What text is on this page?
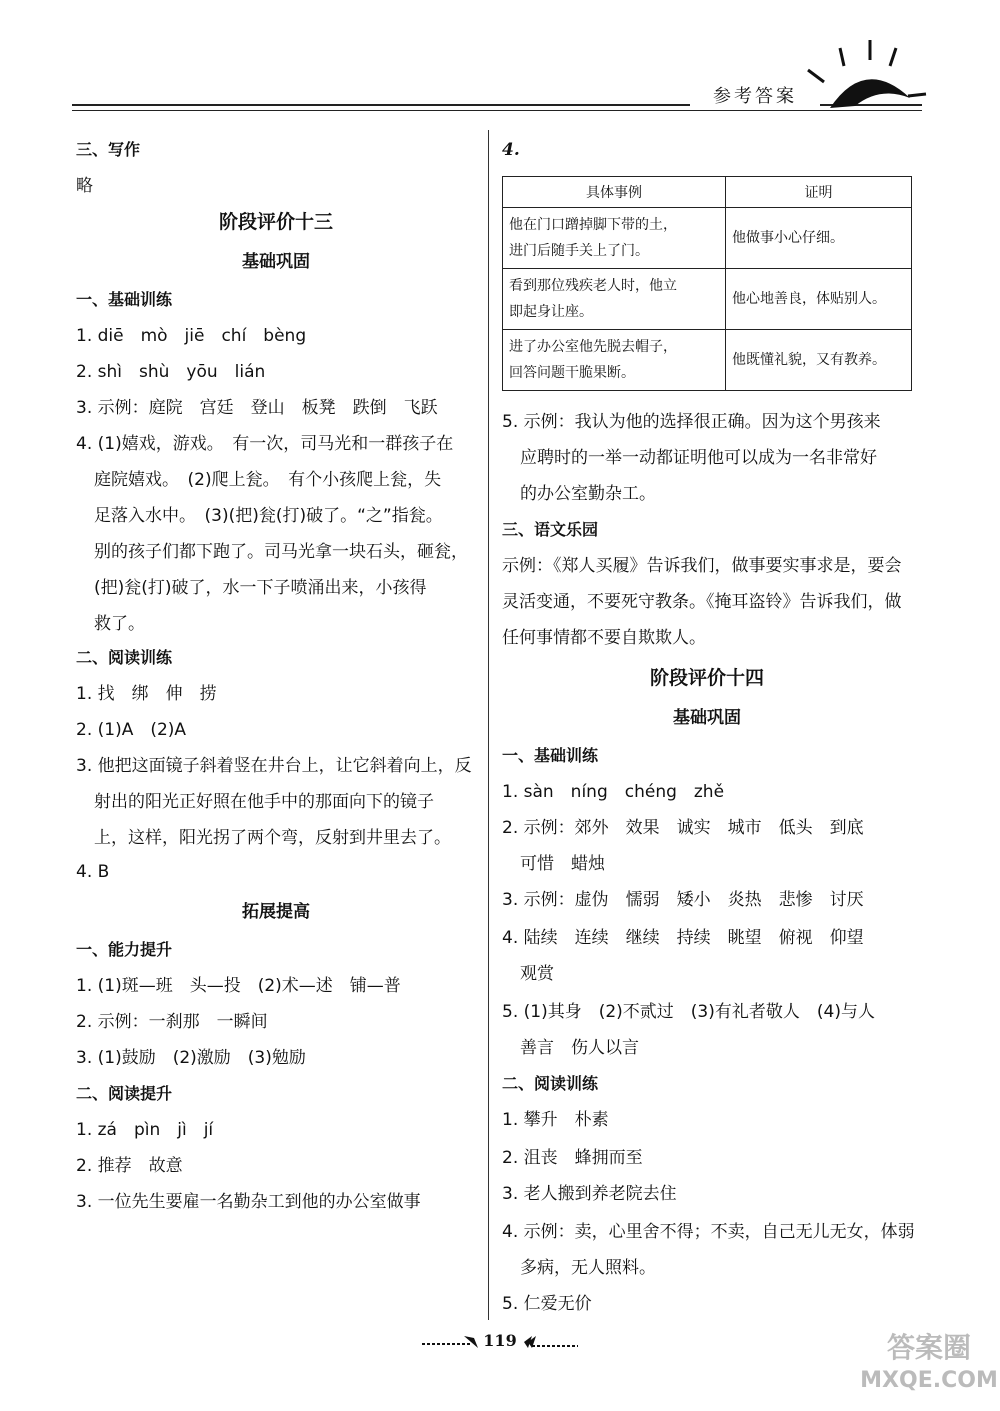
参考答案
三、写作
略
阶段评价十三
基础巩固
一、基础训练
1. diē　mò　jiē　chí　bèng
2. shì　shù　yōu　lián
3. 示例：庭院　宫廷　登山　板凳　跌倒　飞跃
4. (1)嬉戏，游戏。　有一次，司马光和一群孩子在
庭院嬉戏。　(2)爬上瓮。　有个小孩爬上瓮，失
足落入水中。　(3)(把)瓮(打)破了。“之”指瓮。
别的孩子们都下跑了。司马光拿一块石头，砸瓮，
(把)瓮(打)破了，水一下子喷涌出来，小孩得
救了。
二、阅读训练
1. 找　绑　伸　捞
2. (1)A　(2)A
3. 他把这面镜子斜着竖在井台上，让它斜着向上，反
射出的阳光正好照在他手中的那面向下的镜子
上，这样，阳光拐了两个弯，反射到井里去了。
4. B
拓展提高
一、能力提升
1. (1)斑—班　头—投　(2)术—述　铺—普
2. 示例：一刹那　一瞬间
3. (1)鼓励　(2)激励　(3)勉励
二、阅读提升
1. zá　pìn　jì　jí
2. 推荐　故意
3. 一位先生要雇一名勤杂工到他的办公室做事
4.
具体事例	证明

他在门口蹭掉脚下带的土，
进门后随手关上了门。	他做事小心仔细。

看到那位残疾老人时，他立
即起身让座。	他心地善良，体贴别人。

进了办公室他先脱去帽子，
回答问题干脆果断。	他既懂礼貌，又有教养。
5. 示例：我认为他的选择很正确。因为这个男孩来
应聘时的一举一动都证明他可以成为一名非常好
的办公室勤杂工。
三、语文乐园
示例：《郑人买履》告诉我们，做事要实事求是，要会
灵活变通，不要死守教条。《掩耳盗铃》告诉我们，做
任何事情都不要自欺欺人。
阶段评价十四
基础巩固
一、基础训练
1. sàn　níng　chéng　zhě
2. 示例：郊外　效果　诚实　城市　低头　到底
可惜　蜡烛
3. 示例：虚伪　懦弱　矮小　炎热　悲惨　讨厌
4. 陆续　连续　继续　持续　眺望　俯视　仰望
观赏
5. (1)其身　(2)不贰过　(3)有礼者敬人　(4)与人
善言　伤人以言
二、阅读训练
1. 攀升　朴素
2. 沮丧　蜂拥而至
3. 老人搬到养老院去住
4. 示例：卖，心里舍不得；不卖，自己无儿无女，体弱
多病，无人照料。
5. 仁爱无价
119	答案圈
MXQE.COM
